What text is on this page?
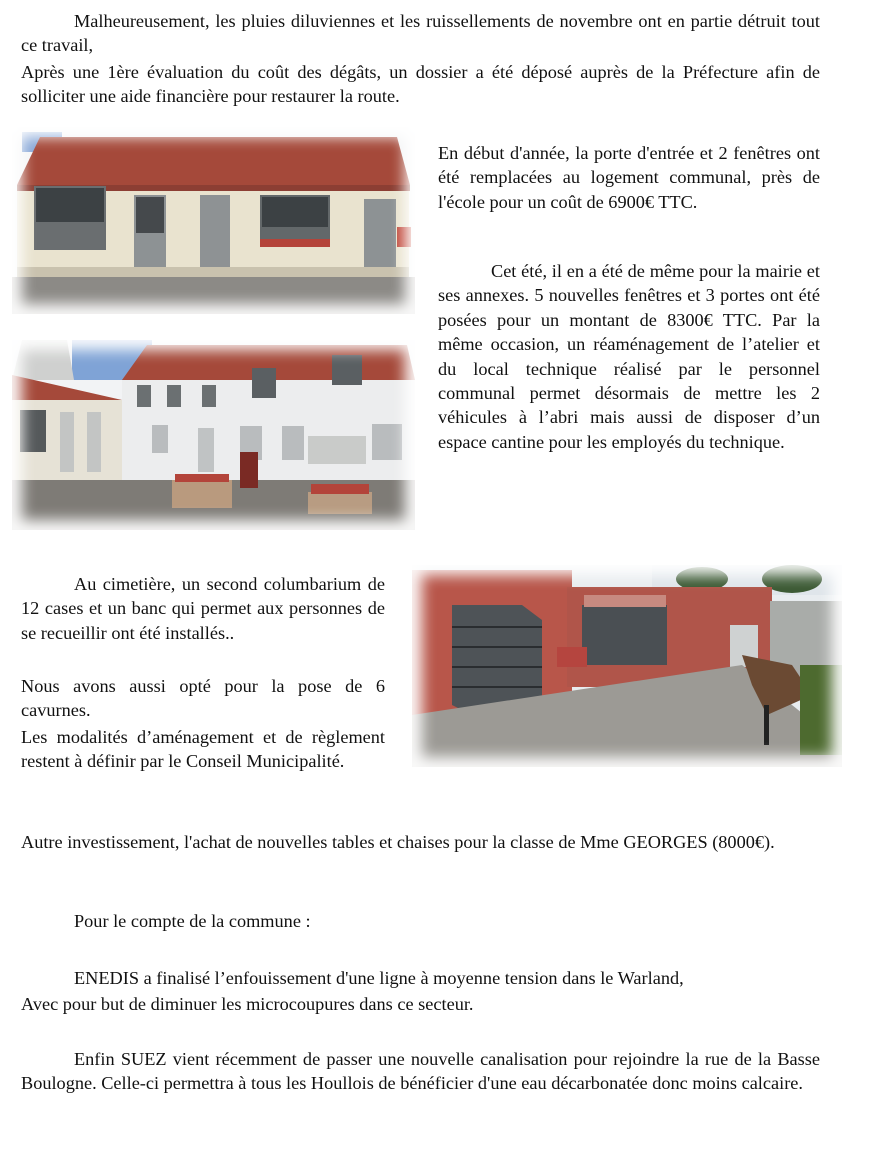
Malheureusement, les pluies diluviennes et les ruissellements de novembre ont en partie détruit tout ce travail,

Après une 1ère évaluation du coût des dégâts, un dossier a été déposé auprès de la Préfecture afin de solliciter une aide financière pour restaurer la route.

En début d'année, la porte d'entrée et 2 fenêtres ont été remplacées au logement communal, près de l'école pour un coût de 6900€ TTC.

Cet été, il en a été de même pour la mairie et ses annexes. 5 nouvelles fenêtres et 3 portes ont été posées pour un montant de 8300€ TTC. Par la même occasion, un réaménagement de l’atelier et du local technique réalisé par le personnel communal permet désormais de mettre les 2 véhicules à l’abri mais aussi de disposer d’un espace cantine pour les employés du technique.

Au cimetière, un second columbarium de 12 cases et un banc qui permet aux personnes de se recueillir ont été installés..

Nous avons aussi opté pour la pose de 6 cavurnes.

Les modalités d’aménagement et de règlement restent à définir par le Conseil Municipalité.

Autre investissement, l'achat de nouvelles tables et chaises pour la classe de Mme GEORGES (8000€).

Pour le compte de la commune :

ENEDIS a finalisé l’enfouissement d'une ligne à moyenne tension dans le Warland,

Avec pour but de diminuer les microcoupures dans ce secteur.

Enfin SUEZ vient récemment de passer une nouvelle canalisation pour rejoindre la rue de la Basse Boulogne. Celle-ci permettra à tous les Houllois de bénéficier d'une eau décarbonatée donc moins calcaire.
